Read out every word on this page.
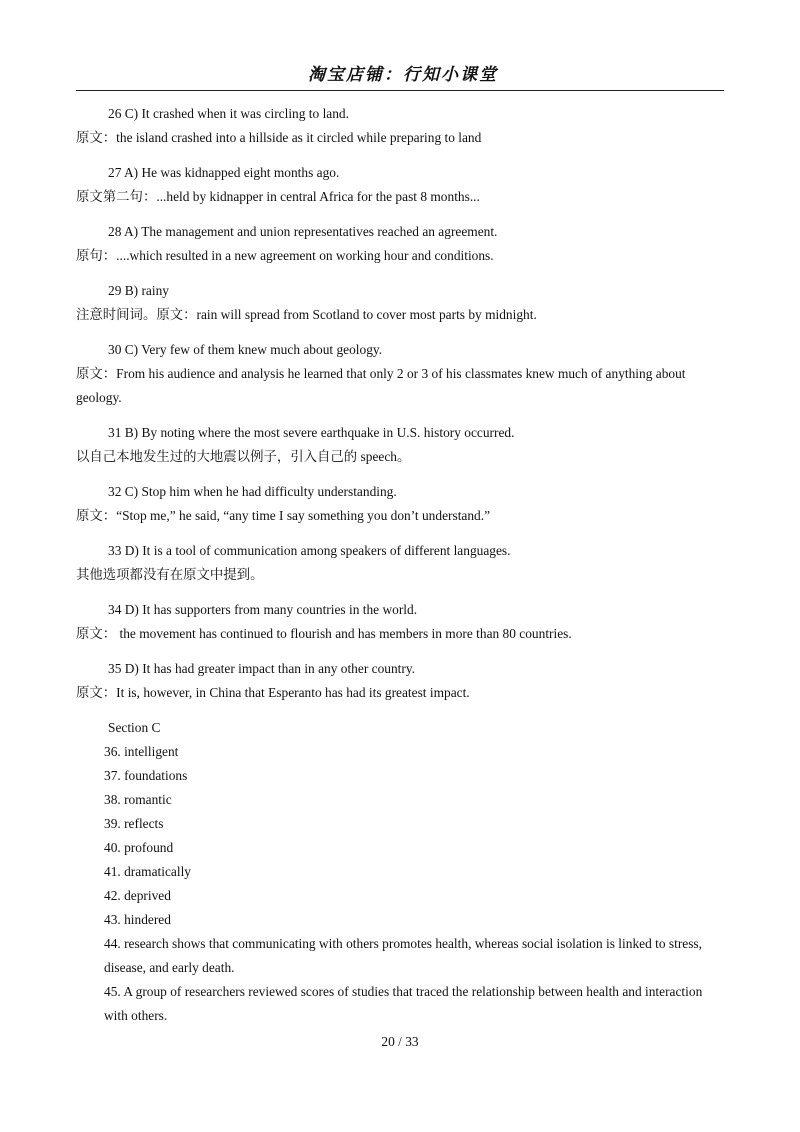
淘宝店铺：行知小课堂
26 C) It crashed when it was circling to land.
原文：the island crashed into a hillside as it circled while preparing to land
27 A) He was kidnapped eight months ago.
原文第二句：...held by kidnapper in central Africa for the past 8 months...
28 A) The management and union representatives reached an agreement.
原句：....which resulted in a new agreement on working hour and conditions.
29 B) rainy
注意时间词。原文：rain will spread from Scotland to cover most parts by midnight.
30 C) Very few of them knew much about geology.
原文：From his audience and analysis he learned that only 2 or 3 of his classmates knew much of anything about geology.
31 B) By noting where the most severe earthquake in U.S. history occurred.
以自己本地发生过的大地震以例子，引入自己的 speech。
32 C) Stop him when he had difficulty understanding.
原文：“Stop me,” he said, “any time I say something you don’t understand.”
33 D) It is a tool of communication among speakers of different languages.
其他选项都没有在原文中提到。
34 D) It has supporters from many countries in the world.
原文： the movement has continued to flourish and has members in more than 80 countries.
35 D) It has had greater impact than in any other country.
原文：It is, however, in China that Esperanto has had its greatest impact.
Section C
36. intelligent
37. foundations
38. romantic
39. reflects
40. profound
41. dramatically
42. deprived
43. hindered
44. research shows that communicating with others promotes health, whereas social isolation is linked to stress, disease, and early death.
45. A group of researchers reviewed scores of studies that traced the relationship between health and interaction with others.
20 / 33
